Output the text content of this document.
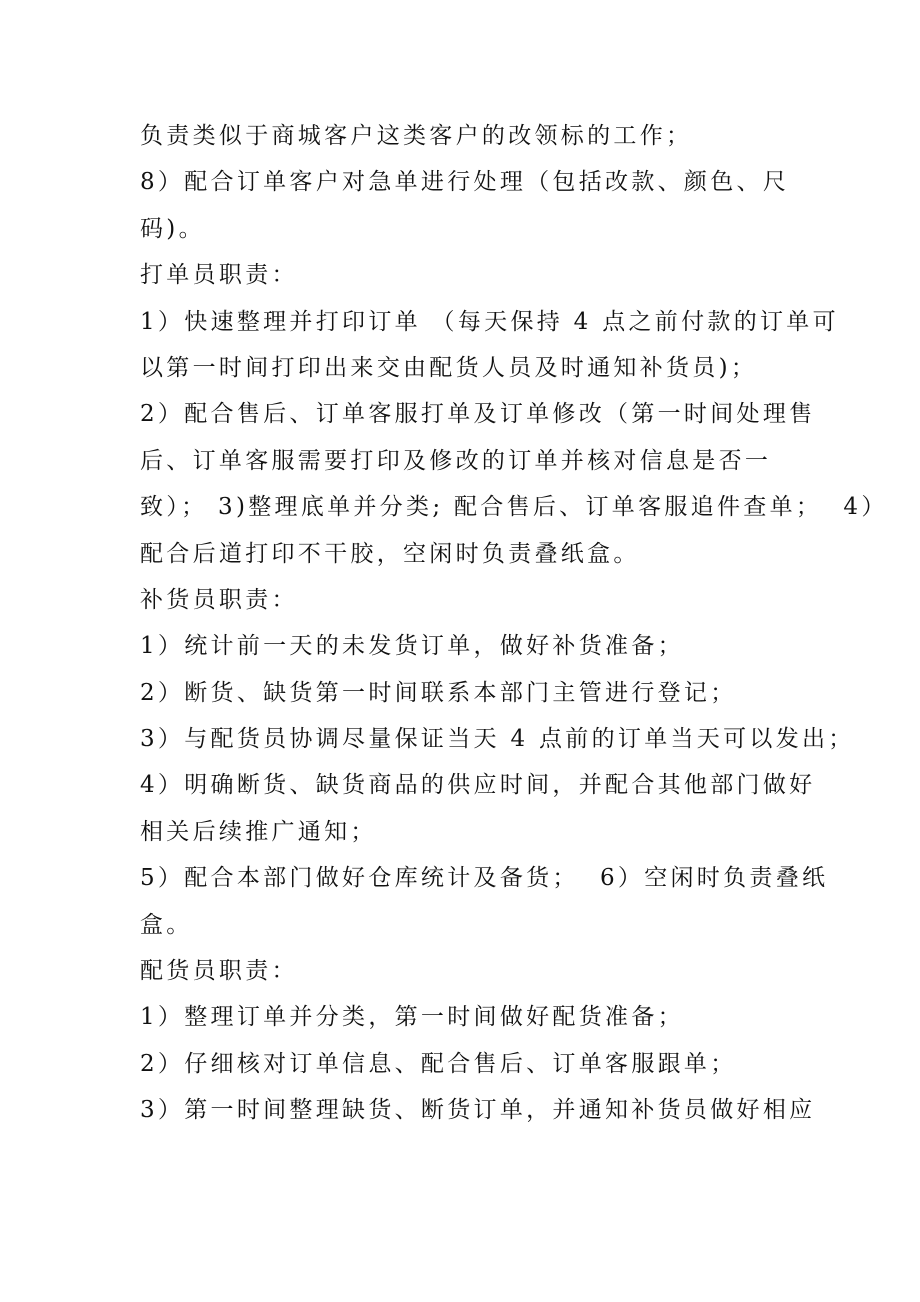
负责类似于商城客户这类客户的改领标的工作；
8）配合订单客户对急单进行处理（包括改款、颜色、尺
码)。
打单员职责：
1）快速整理并打印订单 （每天保持 4 点之前付款的订单可
以第一时间打印出来交由配货人员及时通知补货员)；
2）配合售后、订单客服打单及订单修改（第一时间处理售
后、订单客服需要打印及修改的订单并核对信息是否一
致）； 3)整理底单并分类; 配合售后、订单客服追件查单；  4）
配合后道打印不干胶，空闲时负责叠纸盒。
补货员职责：
1）统计前一天的未发货订单，做好补货准备；
2）断货、缺货第一时间联系本部门主管进行登记；
3）与配货员协调尽量保证当天 4 点前的订单当天可以发出；
4）明确断货、缺货商品的供应时间，并配合其他部门做好
相关后续推广通知；
5）配合本部门做好仓库统计及备货；  6）空闲时负责叠纸
盒。
配货员职责：
1）整理订单并分类，第一时间做好配货准备；
2）仔细核对订单信息、配合售后、订单客服跟单；
3）第一时间整理缺货、断货订单，并通知补货员做好相应
